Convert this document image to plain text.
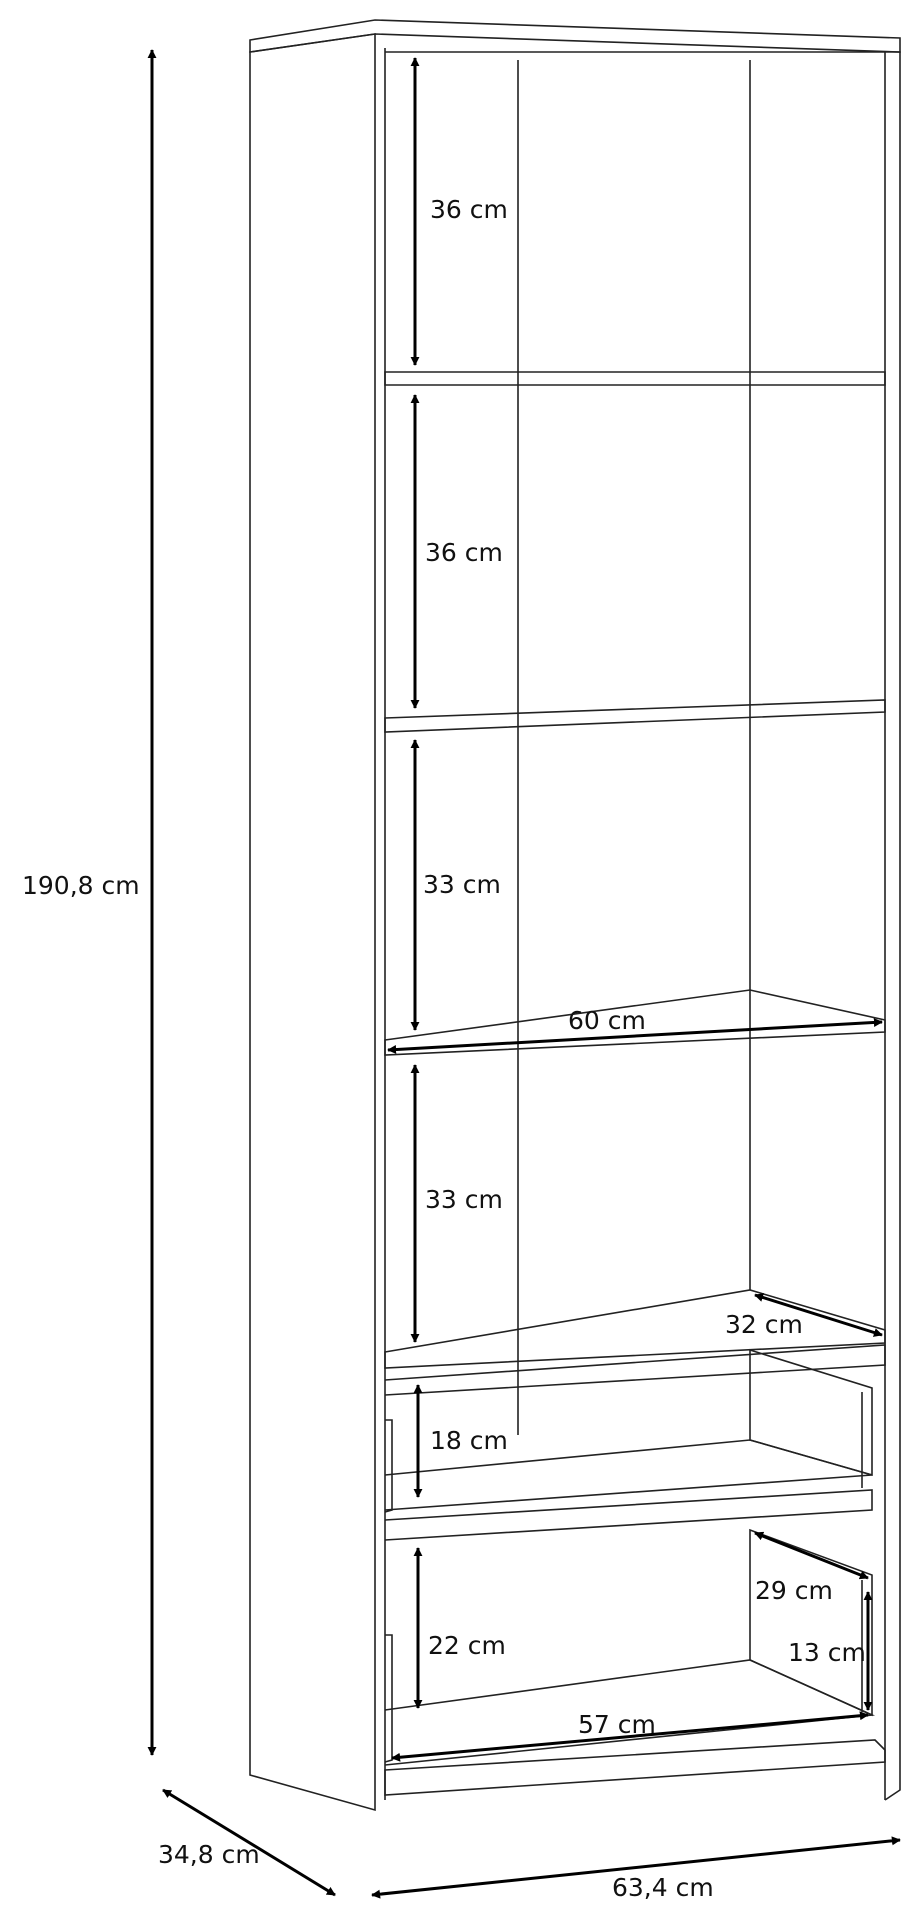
190,8 cm
34,8 cm
63,4 cm
36 cm
36 cm
33 cm
33 cm
60 cm
32 cm
18 cm
22 cm
29 cm
13 cm
57 cm
